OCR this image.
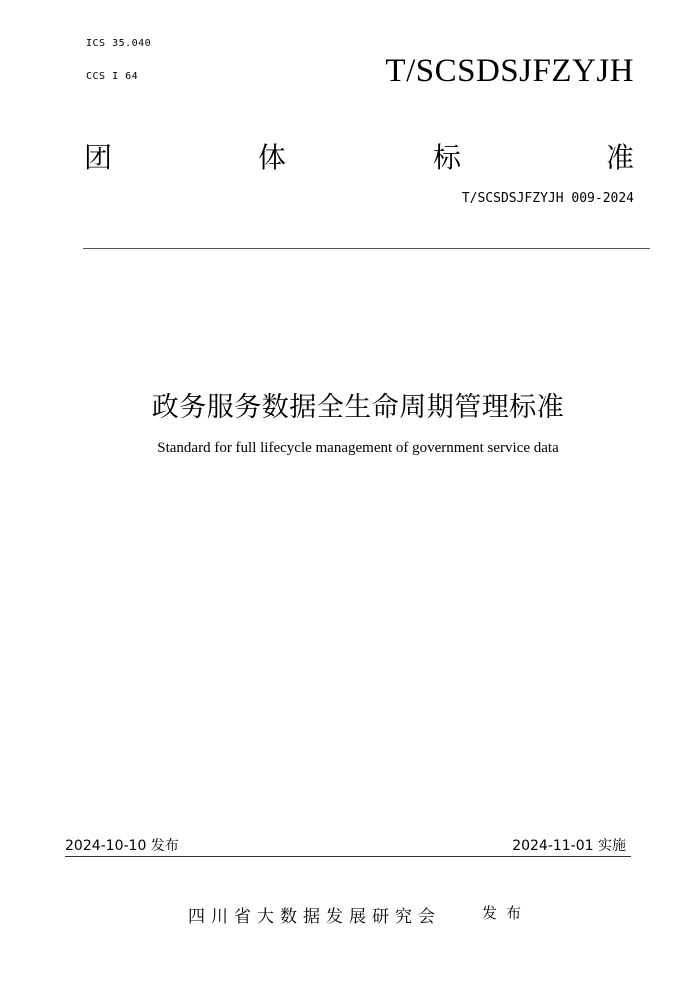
ICS 35.040
CCS I 64	T/SCSDSJFZYJH
团	体	标	准
T/SCSDSJFZYJH 009-2024
政务服务数据全生命周期管理标准
Standard for full lifecycle management of government service data
2024-10-10 发布	2024-11-01 实施
四川省大数据发展研究会	发布
